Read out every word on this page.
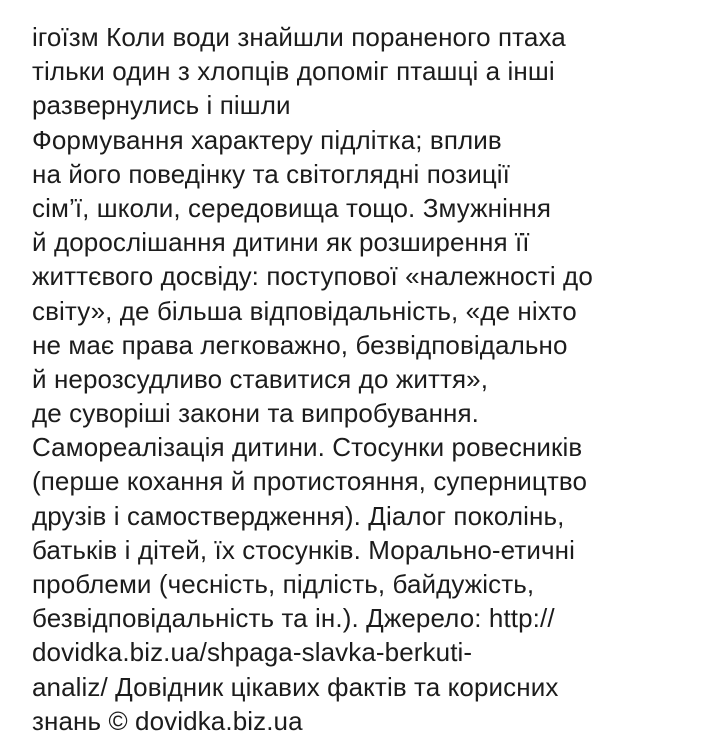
ігоїзм Коли води знайшли пораненого птаха
тільки один з хлопців допоміг пташці а інші
развернулись і пішли
Формування характеру підлітка; вплив
на його поведінку та світоглядні позиції
сім’ї, школи, середовища тощо. Змужніння
й дорослішання дитини як розширення її
життєвого досвіду: поступової «належності до
світу», де більша відповідальність, «де ніхто
не має права легковажно, безвідповідально
й нерозсудливо ставитися до життя»,
де суворіші закони та випробування.
Самореалізація дитини. Стосунки ровесників
(перше кохання й протистояння, суперництво
друзів і самоствердження). Діалог поколінь,
батьків і дітей, їх стосунків. Морально-етичні
проблеми (чесність, підлість, байдужість,
безвідповідальність та ін.). Джерело: http://
dovidka.biz.ua/shpaga-slavka-berkuti-
analiz/ Довідник цікавих фактів та корисних
знань © dovidka.biz.ua
